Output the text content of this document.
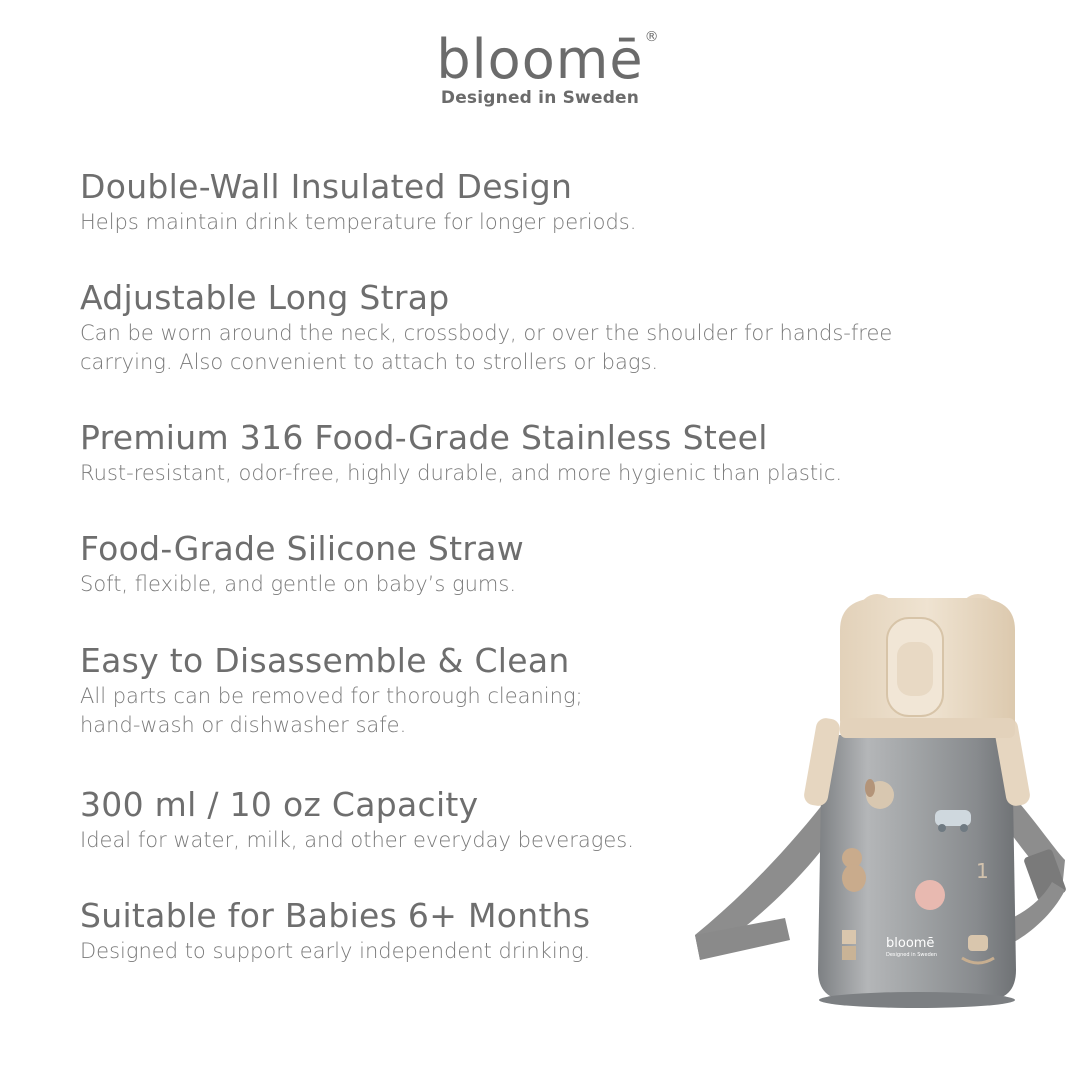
bloomē ®
Designed in Sweden
Double-Wall Insulated Design
Helps maintain drink temperature for longer periods.
Adjustable Long Strap
Can be worn around the neck, crossbody, or over the shoulder for hands-free
carrying. Also convenient to attach to strollers or bags.
Premium 316 Food-Grade Stainless Steel
Rust-resistant, odor-free, highly durable, and more hygienic than plastic.
Food-Grade Silicone Straw
Soft, flexible, and gentle on baby’s gums.
Easy to Disassemble & Clean
All parts can be removed for thorough cleaning;
hand-wash or dishwasher safe.
300 ml / 10 oz Capacity
Ideal for water, milk, and other everyday beverages.
Suitable for Babies 6+ Months
Designed to support early independent drinking.
1
bloomē
Designed in Sweden
